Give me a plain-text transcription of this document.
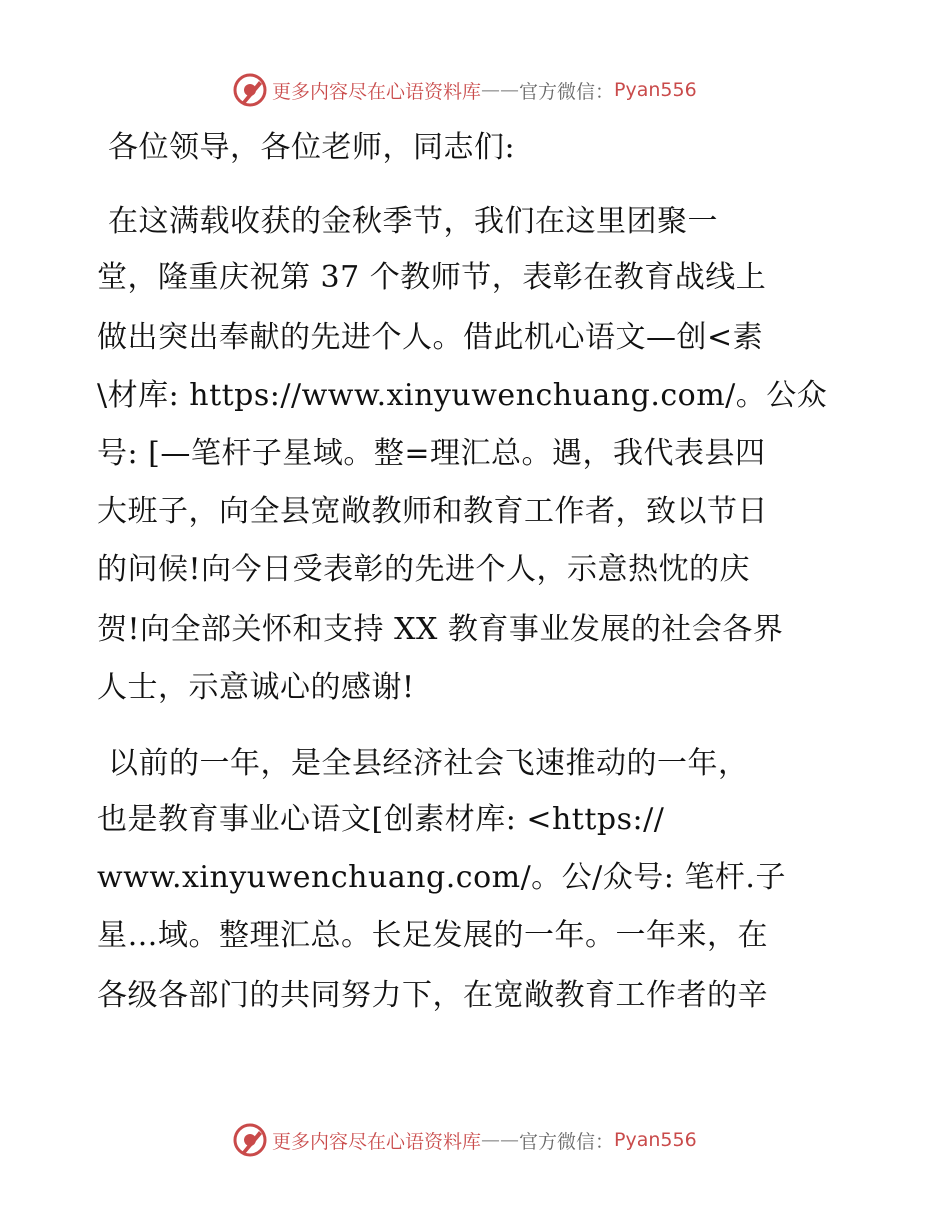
更多内容尽在心语资料库 —— 官方微信： Pyan556
各位领导，各位老师，同志们:
在这满载收获的金秋季节，我们在这里团聚一
堂，隆重庆祝第 37 个教师节，表彰在教育战线上
做出突出奉献的先进个人。借此机心语文—创<素
\材库: https://www.xinyuwenchuang.com/。公众
号: [—笔杆子星域。整=理汇总。遇，我代表县四
大班子，向全县宽敞教师和教育工作者，致以节日
的问候!向今日受表彰的先进个人，示意热忱的庆
贺!向全部关怀和支持 XX 教育事业发展的社会各界
人士，示意诚心的感谢!
以前的一年，是全县经济社会飞速推动的一年，
也是教育事业心语文[创素材库: <https://
www.xinyuwenchuang.com/。公/众号: 笔杆.子
星…域。整理汇总。长足发展的一年。一年来，在
各级各部门的共同努力下，在宽敞教育工作者的辛
更多内容尽在心语资料库 —— 官方微信： Pyan556
